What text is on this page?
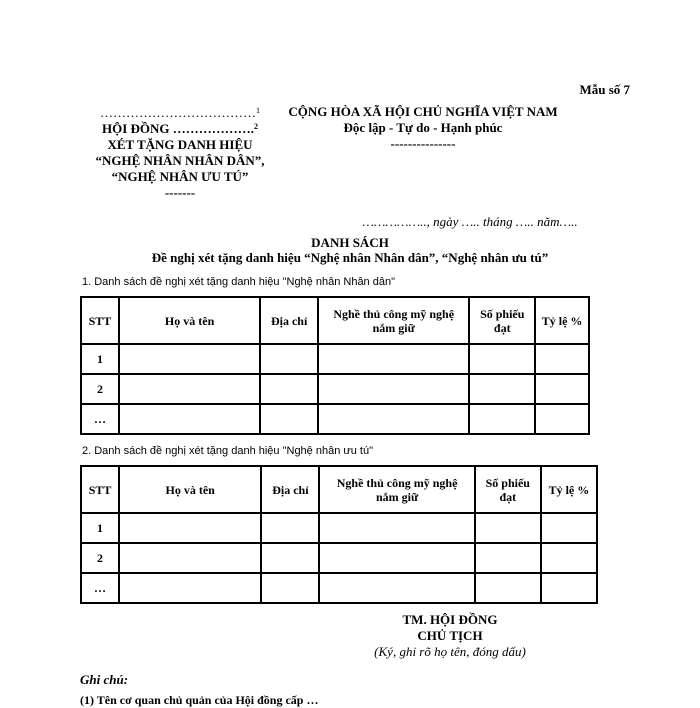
Mẫu số 7
………………………………$^1$
HỘI ĐỒNG ……………….$^2$
XÉT TẶNG DANH HIỆU
“NGHỆ NHÂN NHÂN DÂN”,
“NGHỆ NHÂN ƯU TÚ”
-------
CỘNG HÒA XÃ HỘI CHỦ NGHĨA VIỆT NAM
Độc lập - Tự do - Hạnh phúc
---------------
…………….., ngày ….. tháng ….. năm…..
DANH SÁCH
Đề nghị xét tặng danh hiệu “Nghệ nhân Nhân dân”, “Nghệ nhân ưu tú”
1. Danh sách đề nghị xét tặng danh hiệu "Nghệ nhân Nhân dân"
STT	Họ và tên	Địa chỉ	Nghề thủ công mỹ nghệ nắm giữ	Số phiếu đạt	Tỷ lệ %
1					
2					
…					
2. Danh sách đề nghị xét tặng danh hiệu "Nghệ nhân ưu tú"
STT	Họ và tên	Địa chỉ	Nghề thủ công mỹ nghệ nắm giữ	Số phiếu đạt	Tỷ lệ %
1					
2					
…					
TM. HỘI ĐỒNG
CHỦ TỊCH
(Ký, ghi rõ họ tên, đóng dấu)
Ghi chú:
(1) Tên cơ quan chủ quản của Hội đồng cấp …
